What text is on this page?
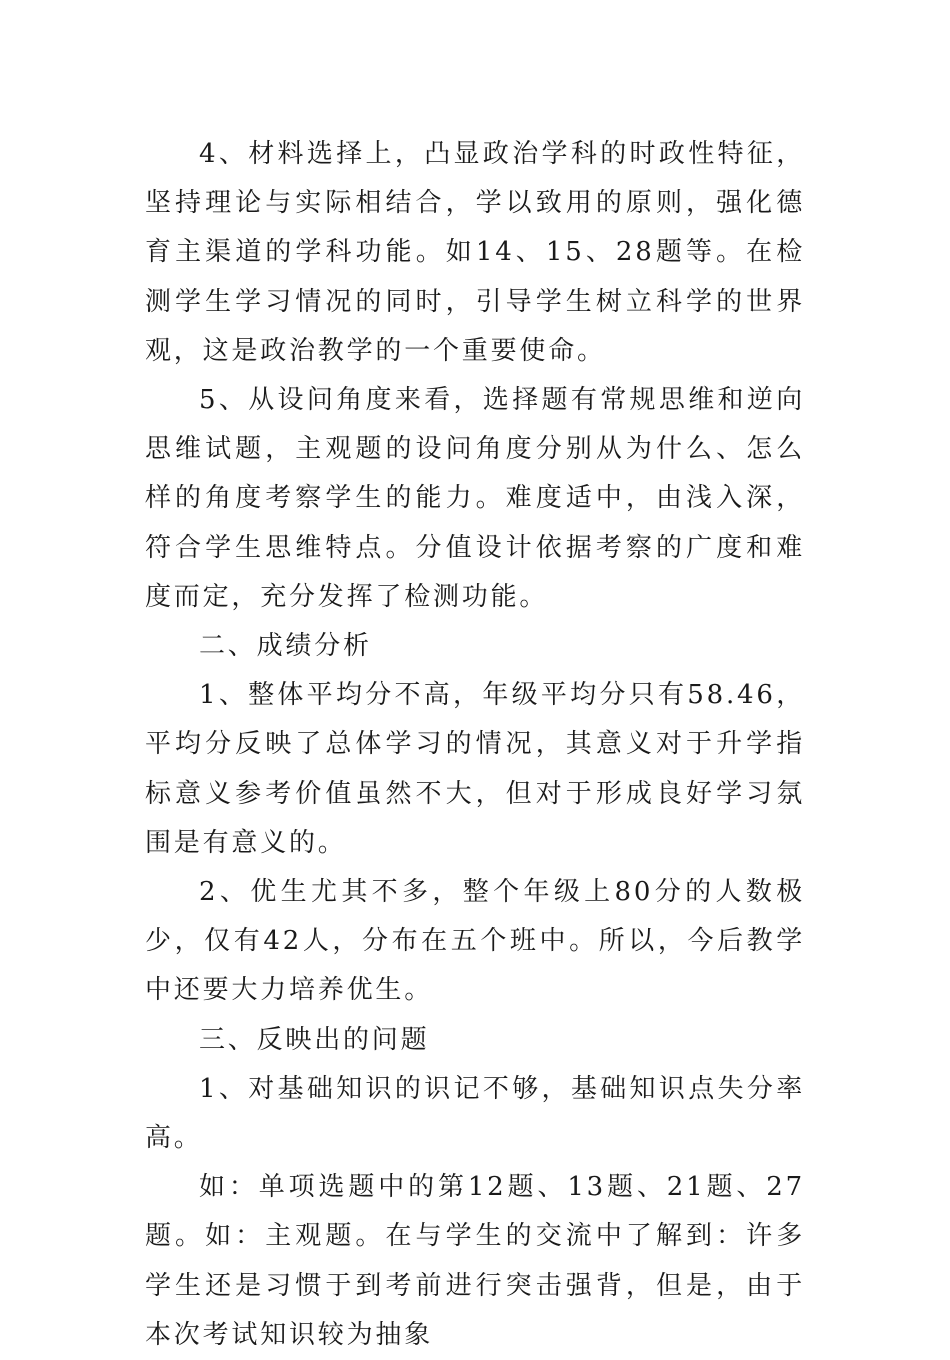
4、材料选择上，凸显政治学科的时政性特征，坚持理论与实际相结合，学以致用的原则，强化德育主渠道的学科功能。如14、15、28题等。在检测学生学习情况的同时，引导学生树立科学的世界观，这是政治教学的一个重要使命。

5、从设问角度来看，选择题有常规思维和逆向思维试题，主观题的设问角度分别从为什么、怎么样的角度考察学生的能力。难度适中，由浅入深，符合学生思维特点。分值设计依据考察的广度和难度而定，充分发挥了检测功能。

二、成绩分析

1、整体平均分不高，年级平均分只有58.46，平均分反映了总体学习的情况，其意义对于升学指标意义参考价值虽然不大，但对于形成良好学习氛围是有意义的。

2、优生尤其不多，整个年级上80分的人数极少，仅有42人，分布在五个班中。所以，今后教学中还要大力培养优生。

三、反映出的问题

1、对基础知识的识记不够，基础知识点失分率高。

如：单项选题中的第12题、13题、21题、27题。如：主观题。在与学生的交流中了解到：许多学生还是习惯于到考前进行突击强背，但是，由于本次考试知识较为抽象
